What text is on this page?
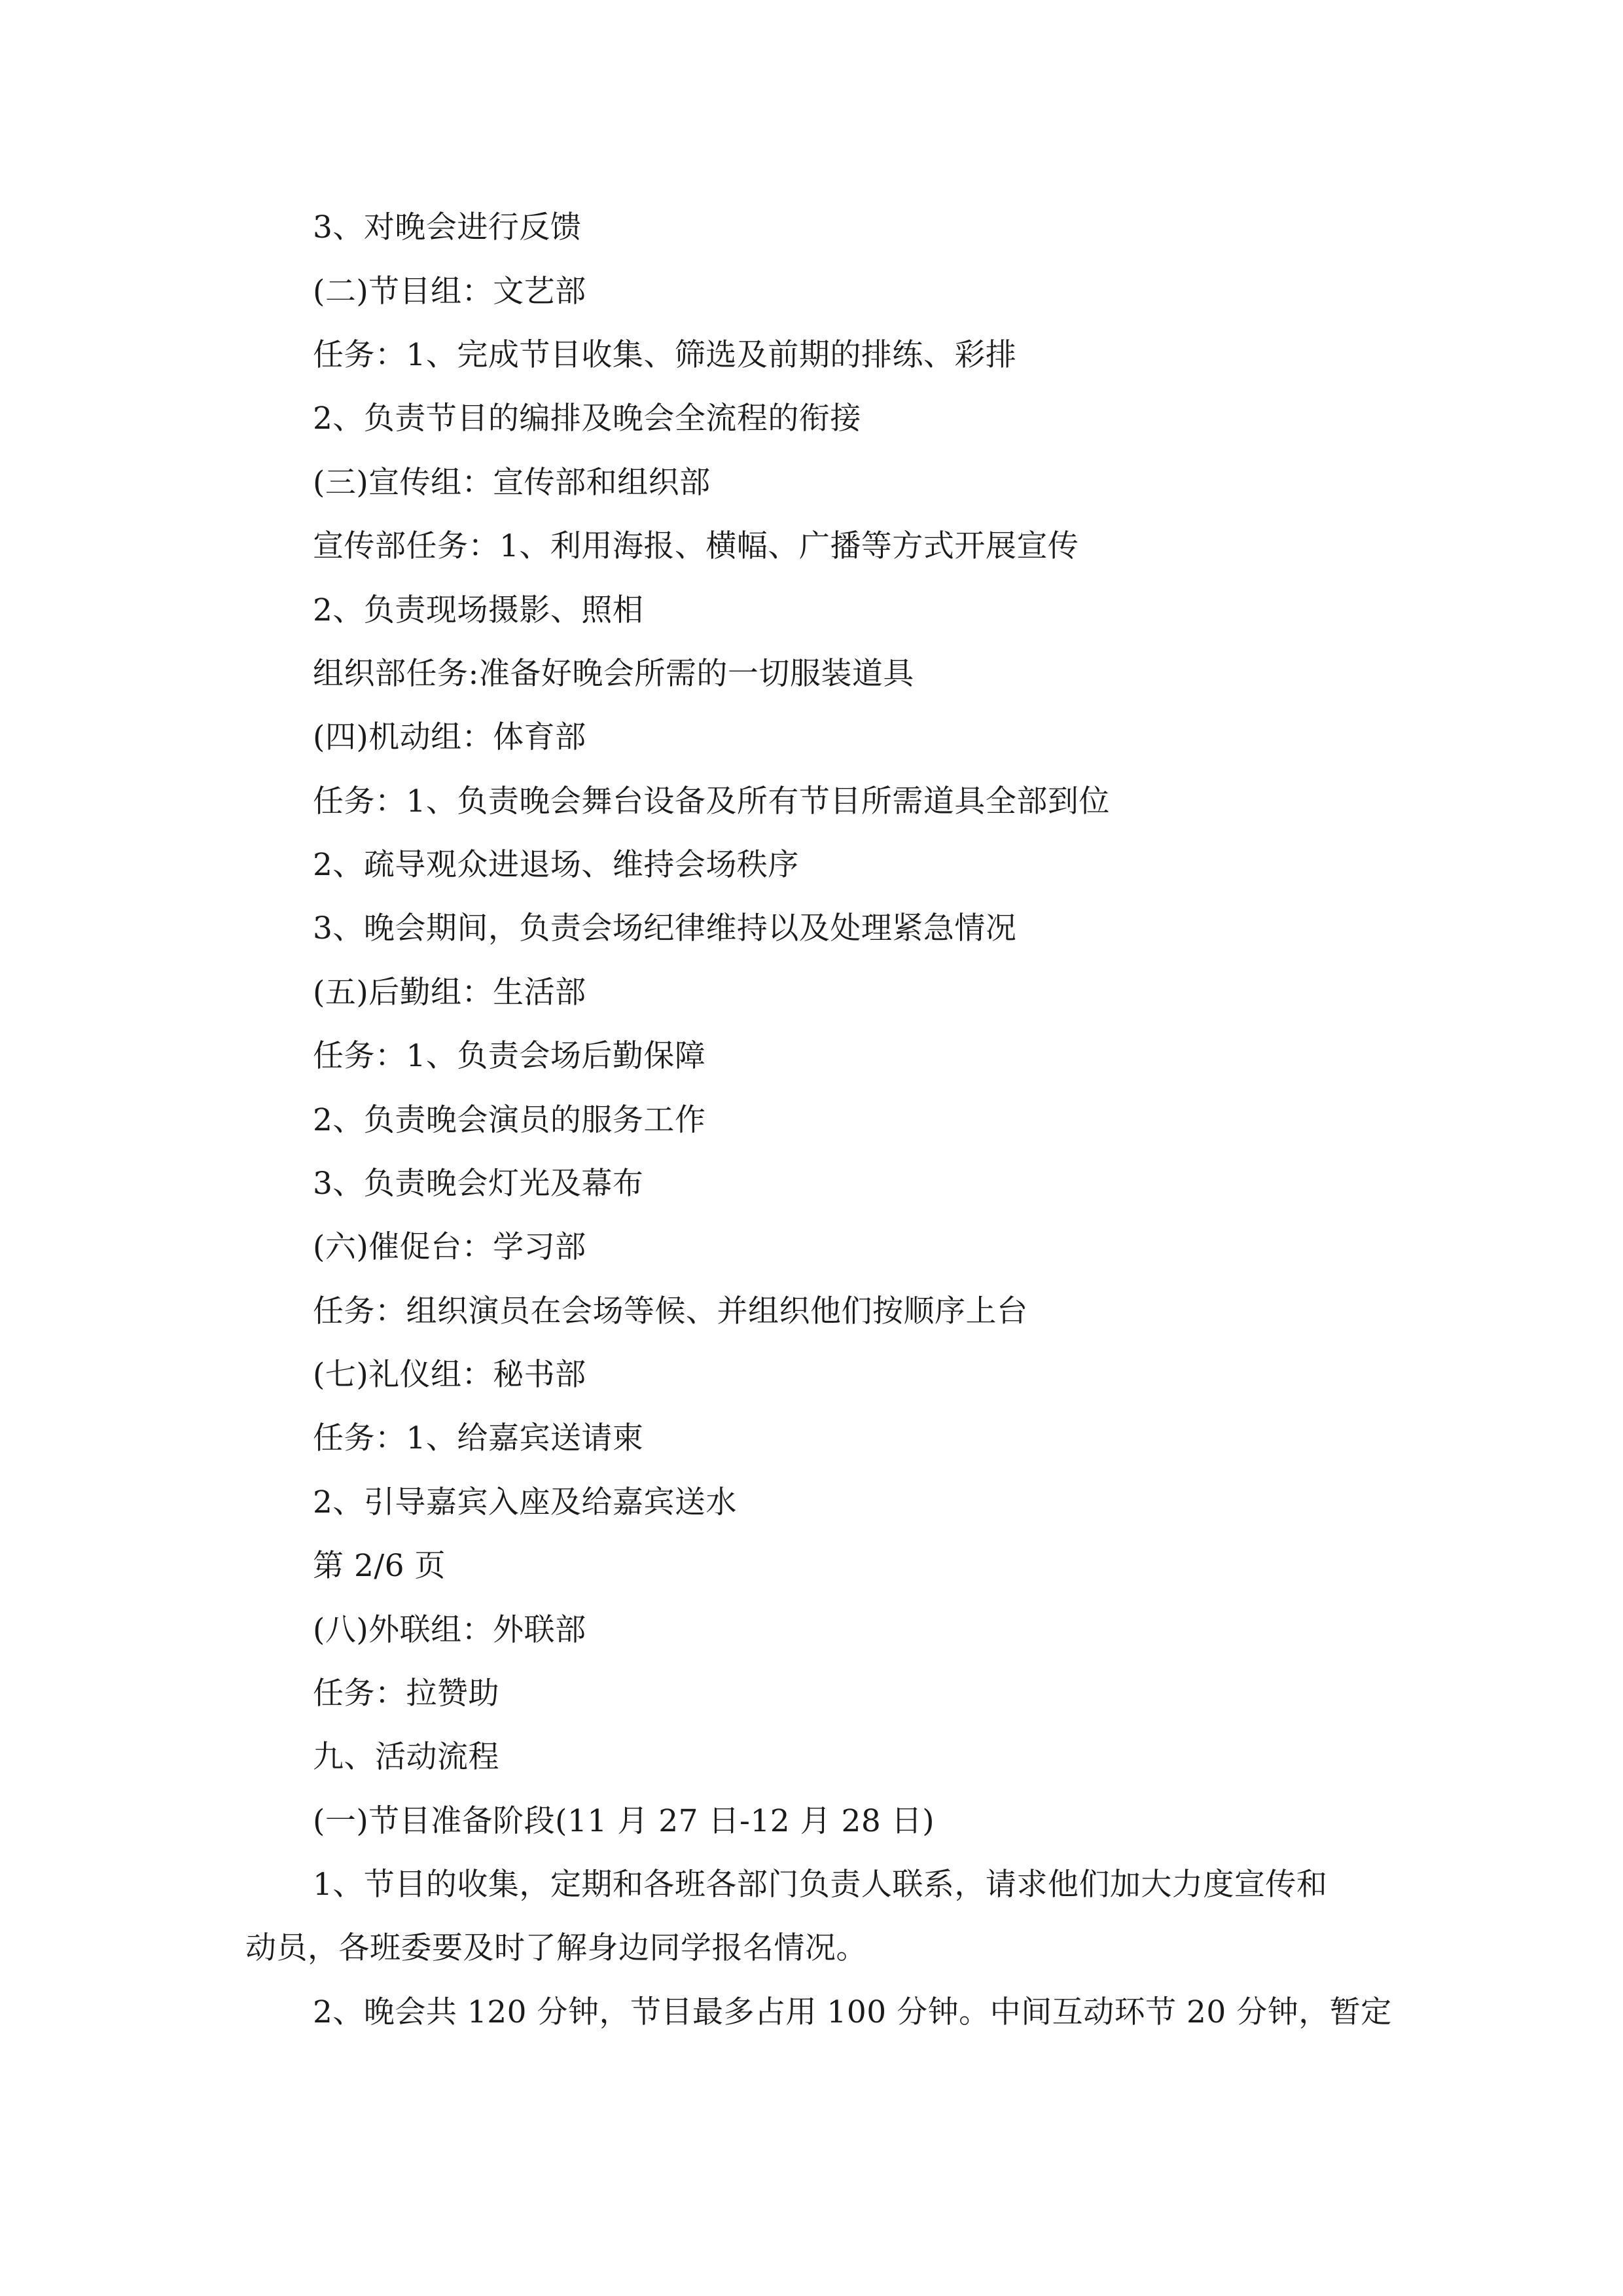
3、对晚会进行反馈
(二)节目组：文艺部
任务：1、完成节目收集、筛选及前期的排练、彩排
2、负责节目的编排及晚会全流程的衔接
(三)宣传组：宣传部和组织部
宣传部任务：1、利用海报、横幅、广播等方式开展宣传
2、负责现场摄影、照相
组织部任务:准备好晚会所需的一切服装道具
(四)机动组：体育部
任务：1、负责晚会舞台设备及所有节目所需道具全部到位
2、疏导观众进退场、维持会场秩序
3、晚会期间，负责会场纪律维持以及处理紧急情况
(五)后勤组：生活部
任务：1、负责会场后勤保障
2、负责晚会演员的服务工作
3、负责晚会灯光及幕布
(六)催促台：学习部
任务：组织演员在会场等候、并组织他们按顺序上台
(七)礼仪组：秘书部
任务：1、给嘉宾送请柬
2、引导嘉宾入座及给嘉宾送水
第 2/6 页
(八)外联组：外联部
任务：拉赞助
九、活动流程
(一)节目准备阶段(11 月 27 日-12 月 28 日)
1、节目的收集，定期和各班各部门负责人联系，请求他们加大力度宣传和
动员，各班委要及时了解身边同学报名情况。
2、晚会共 120 分钟，节目最多占用 100 分钟。中间互动环节 20 分钟，暂定
